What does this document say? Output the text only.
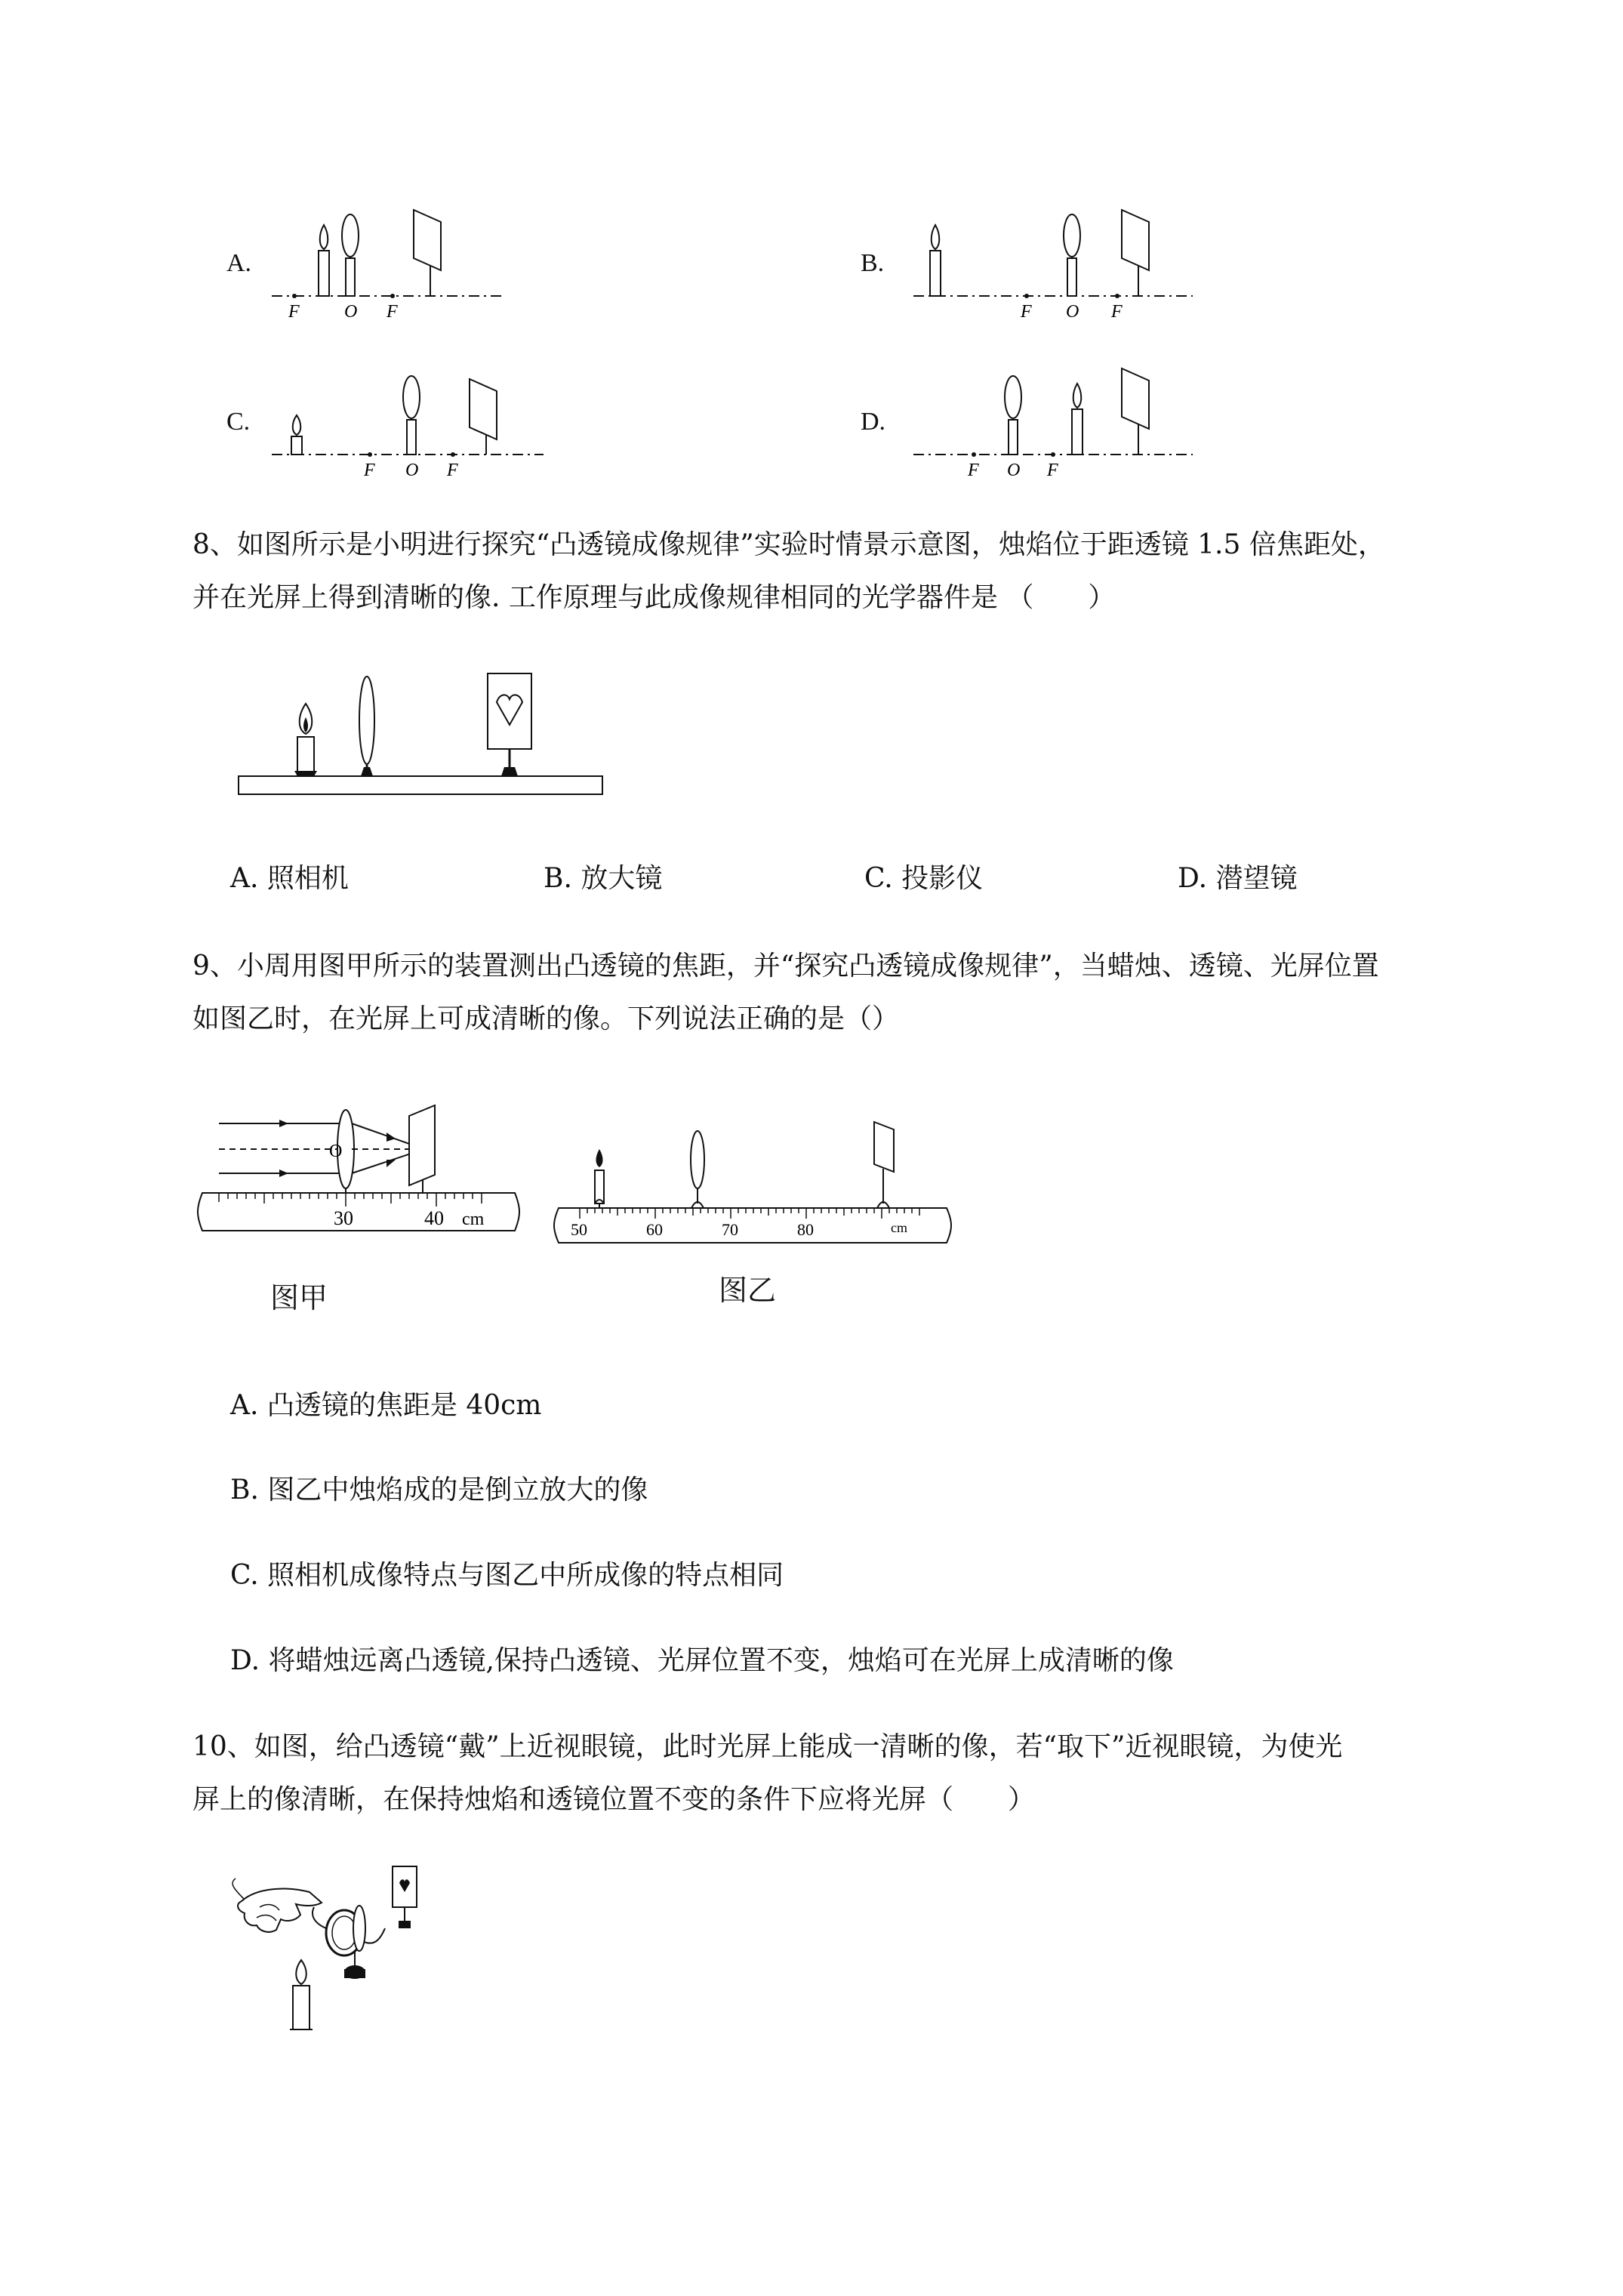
A.
F O F
B.
F O F
C.
F O F
D.
F O F
8、如图所示是小明进行探究“凸透镜成像规律”实验时情景示意图，烛焰位于距透镜 1.5 倍焦距处，
并在光屏上得到清晰的像. 工作原理与此成像规律相同的光学器件是 （　　）
A. 照相机	B. 放大镜	C. 投影仪	D. 潜望镜
9、小周用图甲所示的装置测出凸透镜的焦距，并“探究凸透镜成像规律”，当蜡烛、透镜、光屏位置
如图乙时，在光屏上可成清晰的像。下列说法正确的是（）
30	40 cm
O
图甲
50	60	70	80	cm
图乙
A. 凸透镜的焦距是 40cm
B. 图乙中烛焰成的是倒立放大的像
C. 照相机成像特点与图乙中所成像的特点相同
D. 将蜡烛远离凸透镜,保持凸透镜、光屏位置不变，烛焰可在光屏上成清晰的像
10、如图，给凸透镜“戴”上近视眼镜，此时光屏上能成一清晰的像，若“取下”近视眼镜，为使光
屏上的像清晰，在保持烛焰和透镜位置不变的条件下应将光屏（　　）
